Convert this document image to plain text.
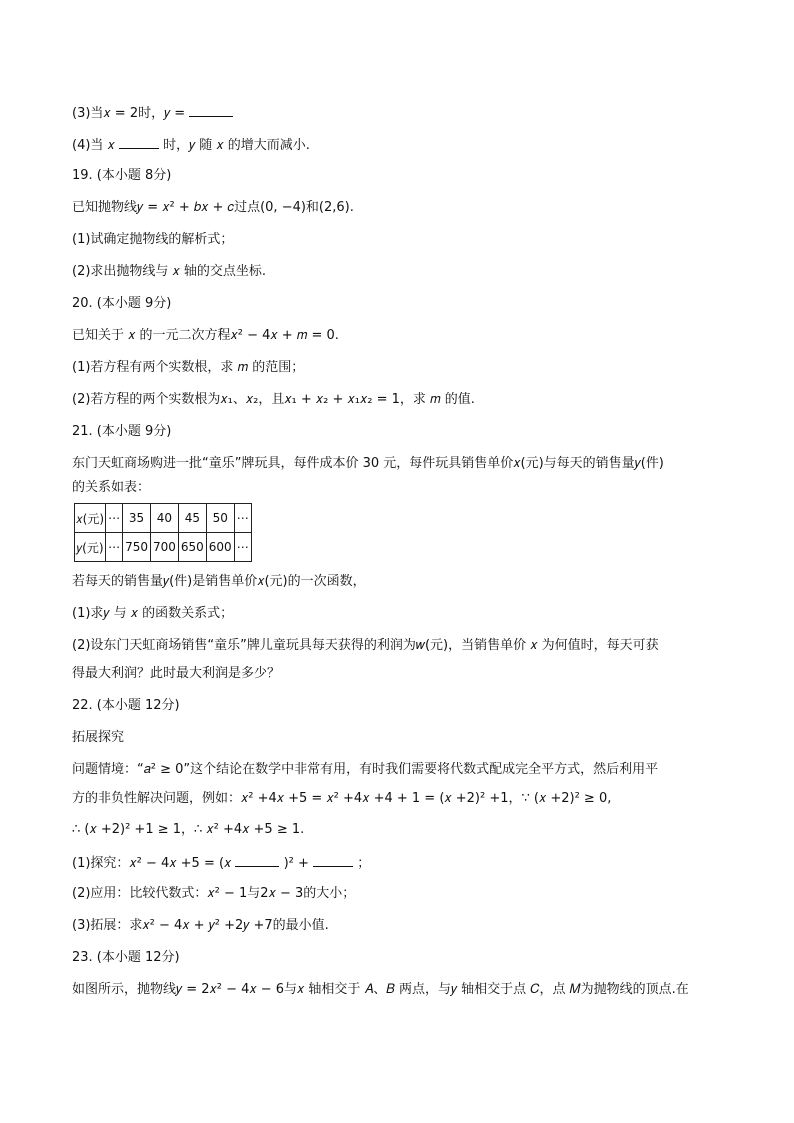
(3)当𝑥 = 2时，𝑦 =
(4)当 𝑥	时，𝑦 随 𝑥 的增大而减小.
19. (本小题 8分)
已知抛物线𝑦 = 𝑥² + 𝑏𝑥 + 𝑐过点(0, −4)和(2,6).
(1)试确定抛物线的解析式；
(2)求出抛物线与 𝑥 轴的交点坐标.
20. (本小题 9分)
已知关于 𝑥 的一元二次方程𝑥² − 4𝑥 + 𝑚 = 0.
(1)若方程有两个实数根，求 𝑚 的范围；
(2)若方程的两个实数根为𝑥₁、𝑥₂，且𝑥₁ + 𝑥₂ + 𝑥₁𝑥₂ = 1，求 𝑚 的值.
21. (本小题 9分)
东门天虹商场购进一批“童乐”牌玩具，每件成本价 30 元，每件玩具销售单价𝑥(元)与每天的销售量𝑦(件)
的关系如表：
𝑥(元)	⋯	35	40	45	50	⋯
𝑦(元)	⋯	750	700	650	600	⋯
若每天的销售量𝑦(件)是销售单价𝑥(元)的一次函数，
(1)求𝑦 与 𝑥 的函数关系式；
(2)设东门天虹商场销售“童乐”牌儿童玩具每天获得的利润为𝑤(元)，当销售单价 𝑥 为何值时，每天可获
得最大利润？此时最大利润是多少？
22. (本小题 12分)
拓展探究
问题情境：“𝑎² ≥ 0”这个结论在数学中非常有用，有时我们需要将代数式配成完全平方式，然后利用平
方的非负性解决问题，例如：𝑥² +4𝑥 +5 = 𝑥² +4𝑥 +4 + 1 = (𝑥 +2)² +1，∵ (𝑥 +2)² ≥ 0,
∴ (𝑥 +2)² +1 ≥ 1，∴ 𝑥² +4𝑥 +5 ≥ 1.
(1)探究：𝑥² − 4𝑥 +5 = (𝑥	)² +	；
(2)应用：比较代数式：𝑥² − 1与2𝑥 − 3的大小；
(3)拓展：求𝑥² − 4𝑥 + 𝑦² +2𝑦 +7的最小值.
23. (本小题 12分)
如图所示，抛物线𝑦 = 2𝑥² − 4𝑥 − 6与𝑥 轴相交于 𝐴、𝐵 两点，与𝑦 轴相交于点 𝐶，点 𝑀为抛物线的顶点.在
